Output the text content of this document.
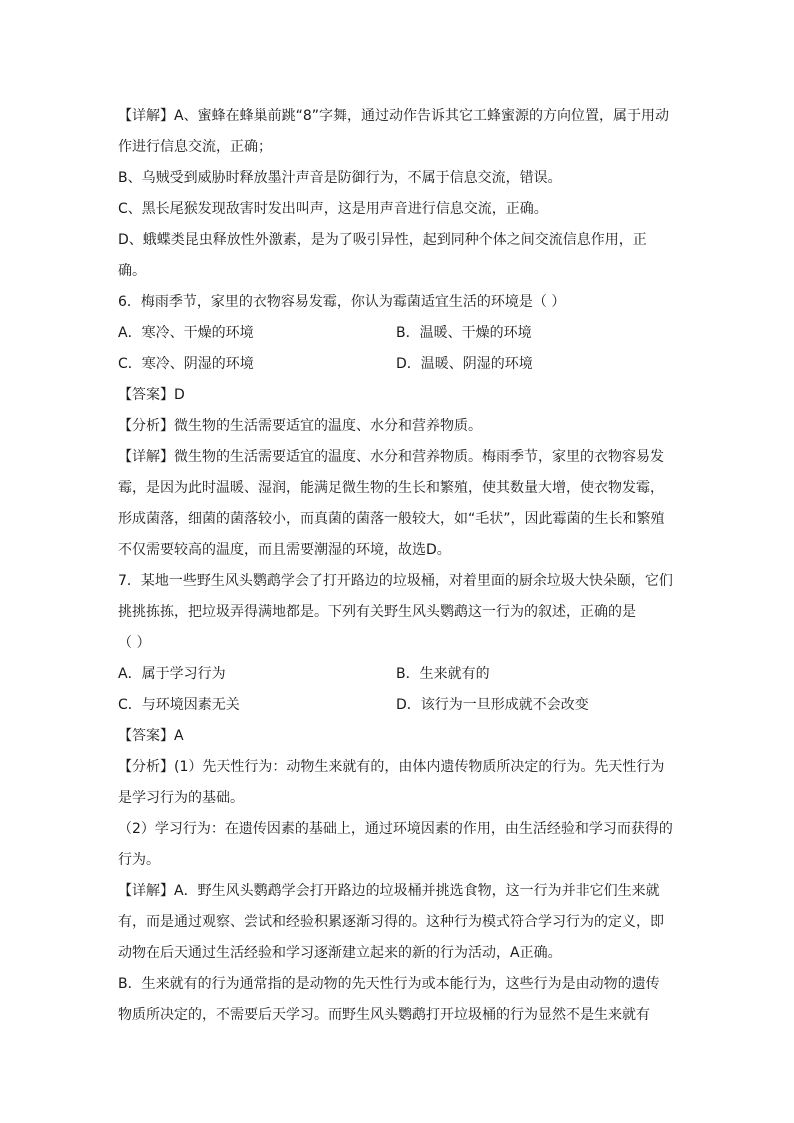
【详解】A、蜜蜂在蜂巢前跳“8”字舞，通过动作告诉其它工蜂蜜源的方向位置，属于用动
作进行信息交流，正确；
B、乌贼受到威胁时释放墨汁声音是防御行为，不属于信息交流，错误。
C、黑长尾猴发现敌害时发出叫声，这是用声音进行信息交流，正确。
D、蛾蝶类昆虫释放性外激素，是为了吸引异性，起到同种个体之间交流信息作用，正
确。
6．梅雨季节，家里的衣物容易发霉，你认为霉菌适宜生活的环境是（ ）
A．寒冷、干燥的环境	B．温暖、干燥的环境
C．寒冷、阴湿的环境	D．温暖、阴湿的环境
【答案】D
【分析】微生物的生活需要适宜的温度、水分和营养物质。
【详解】微生物的生活需要适宜的温度、水分和营养物质。梅雨季节，家里的衣物容易发
霉，是因为此时温暖、湿润，能满足微生物的生长和繁殖，使其数量大增，使衣物发霉，
形成菌落，细菌的菌落较小，而真菌的菌落一般较大，如“毛状”，因此霉菌的生长和繁殖
不仅需要较高的温度，而且需要潮湿的环境，故选D。
7．某地一些野生风头鹦鹉学会了打开路边的垃圾桶，对着里面的厨余垃圾大快朵颐，它们
挑挑拣拣，把垃圾弄得满地都是。下列有关野生风头鹦鹉这一行为的叙述，正确的是
（ ）
A．属于学习行为	B．生来就有的
C．与环境因素无关	D．该行为一旦形成就不会改变
【答案】A
【分析】(1）先天性行为：动物生来就有的，由体内遗传物质所决定的行为。先天性行为
是学习行为的基础。
（2）学习行为：在遗传因素的基础上，通过环境因素的作用，由生活经验和学习而获得的
行为。
【详解】A．野生风头鹦鹉学会打开路边的垃圾桶并挑选食物，这一行为并非它们生来就
有，而是通过观察、尝试和经验积累逐渐习得的。这种行为模式符合学习行为的定义，即
动物在后天通过生活经验和学习逐渐建立起来的新的行为活动，A正确。
B．生来就有的行为通常指的是动物的先天性行为或本能行为，这些行为是由动物的遗传
物质所决定的，不需要后天学习。而野生风头鹦鹉打开垃圾桶的行为显然不是生来就有
